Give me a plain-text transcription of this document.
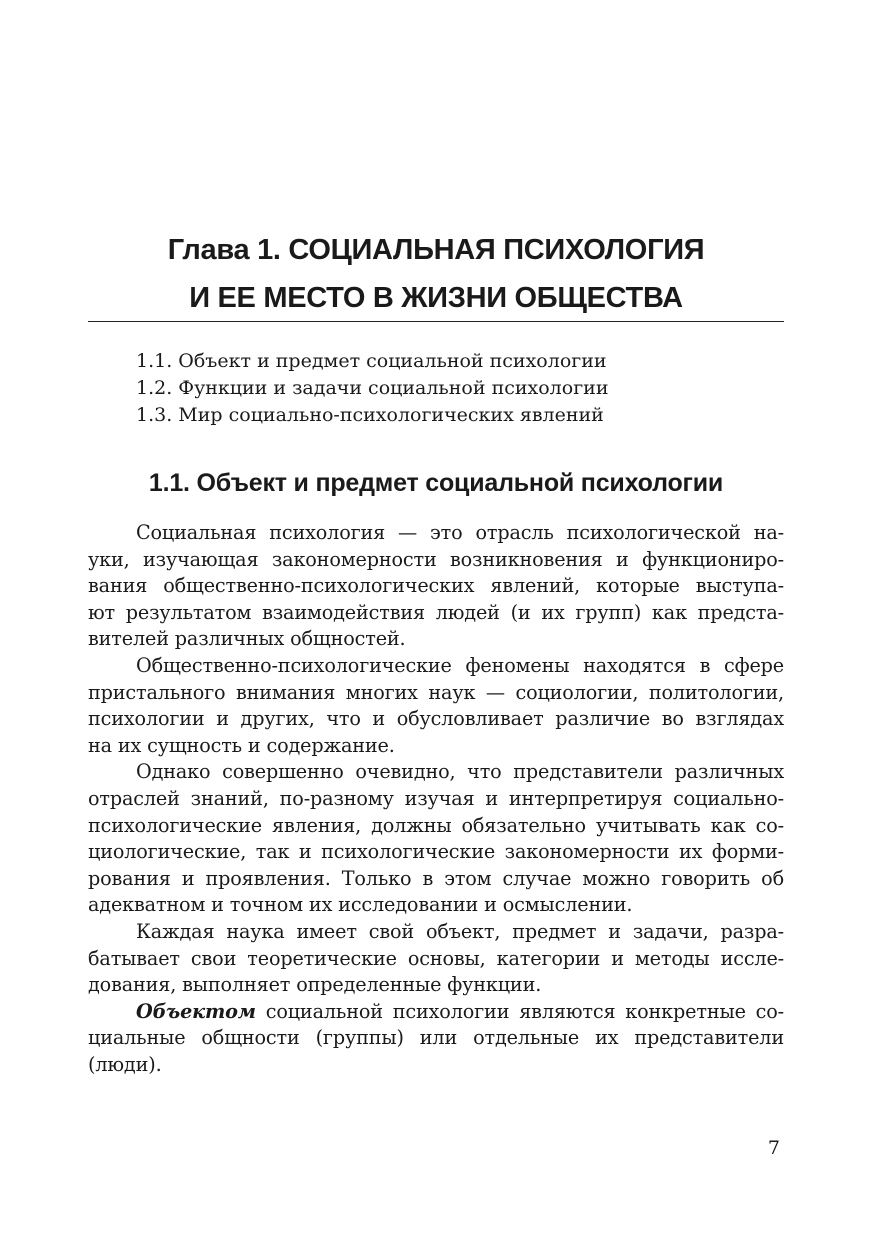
Глава 1. СОЦИАЛЬНАЯ ПСИХОЛОГИЯ
И ЕЕ МЕСТО В ЖИЗНИ ОБЩЕСТВА
1.1. Объект и предмет социальной психологии
1.2. Функции и задачи социальной психологии
1.3. Мир социально-психологических явлений
1.1. Объект и предмет социальной психологии
Социальная психология — это отрасль психологической на-
уки, изучающая закономерности возникновения и функциониро-
вания общественно-психологических явлений, которые выступа-
ют результатом взаимодействия людей (и их групп) как предста-
вителей различных общностей.
Общественно-психологические феномены находятся в сфере
пристального внимания многих наук — социологии, политологии,
психологии и других, что и обусловливает различие во взглядах
на их сущность и содержание.
Однако совершенно очевидно, что представители различных
отраслей знаний, по-разному изучая и интерпретируя социально-
психологические явления, должны обязательно учитывать как со-
циологические, так и психологические закономерности их форми-
рования и проявления. Только в этом случае можно говорить об
адекватном и точном их исследовании и осмыслении.
Каждая наука имеет свой объект, предмет и задачи, разра-
батывает свои теоретические основы, категории и методы иссле-
дования, выполняет определенные функции.
Объектом социальной психологии являются конкретные со-
циальные общности (группы) или отдельные их представители
(люди).
7
